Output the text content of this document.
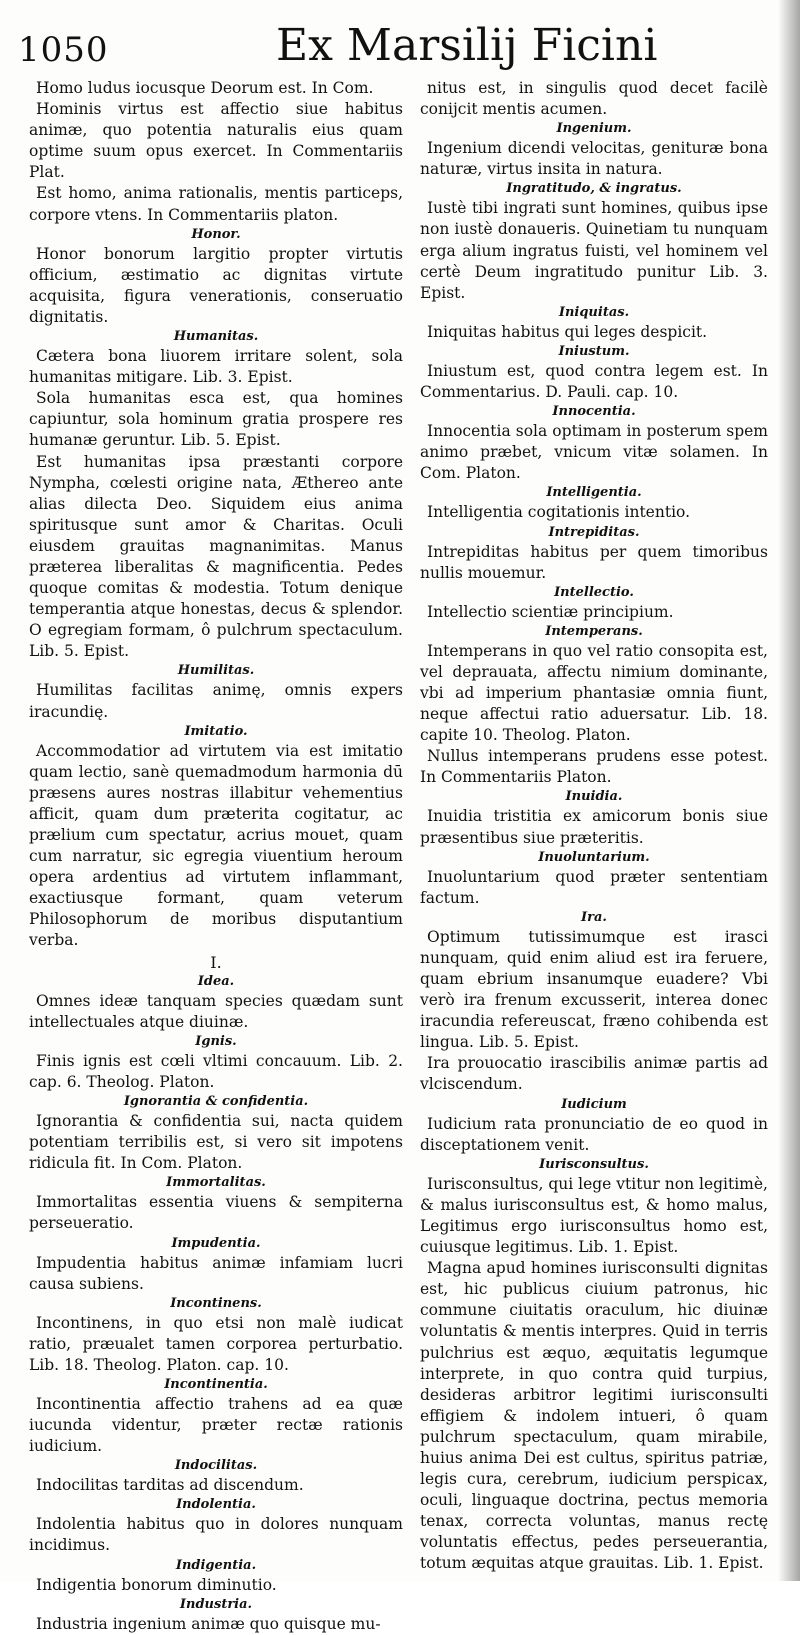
1050	Ex Marsilij Ficini

Homo ludus iocusque Deorum est. In Com.

Hominis virtus est affectio siue habitus animæ, quo potentia naturalis eius quam optime suum opus exercet. In Commentariis Plat.

Est homo, anima rationalis, mentis particeps, corpore vtens. In Commentariis platon.

Honor.

Honor bonorum largitio propter virtutis officium, æstimatio ac dignitas virtute acquisita, figura venerationis, conseruatio dignitatis.

Humanitas.

Cætera bona liuorem irritare solent, sola humanitas mitigare. Lib. 3. Epist.

Sola humanitas esca est, qua homines capiuntur, sola hominum gratia prospere res humanæ geruntur. Lib. 5. Epist.

Est humanitas ipsa præstanti corpore Nympha, cœlesti origine nata, Æthereo ante alias dilecta Deo. Siquidem eius anima spiritusque sunt amor & Charitas. Oculi eiusdem grauitas magnanimitas. Manus præterea liberalitas & magnificentia. Pedes quoque comitas & modestia. Totum denique temperantia atque honestas, decus & splendor. O egregiam formam, ô pulchrum spectaculum. Lib. 5. Epist.

Humilitas.

Humilitas facilitas animę, omnis expers iracundię.

Imitatio.

Accommodatior ad virtutem via est imitatio quam lectio, sanè quemadmodum harmonia dū præsens aures nostras illabitur vehementius afficit, quam dum præterita cogitatur, ac prælium cum spectatur, acrius mouet, quam cum narratur, sic egregia viuentium heroum opera ardentius ad virtutem inflammant, exactiusque formant, quam veterum Philosophorum de moribus disputantium verba.

I.

Idea.

Omnes ideæ tanquam species quædam sunt intellectuales atque diuinæ.

Ignis.

Finis ignis est cœli vltimi concauum. Lib. 2. cap. 6. Theolog. Platon.

Ignorantia & confidentia.

Ignorantia & confidentia sui, nacta quidem potentiam terribilis est, si vero sit impotens ridicula fit. In Com. Platon.

Immortalitas.

Immortalitas essentia viuens & sempiterna perseueratio.

Impudentia.

Impudentia habitus animæ infamiam lucri causa subiens.

Incontinens.

Incontinens, in quo etsi non malè iudicat ratio, præualet tamen corporea perturbatio. Lib. 18. Theolog. Platon. cap. 10.

Incontinentia.

Incontinentia affectio trahens ad ea quæ iucunda videntur, præter rectæ rationis iudicium.

Indocilitas.

Indocilitas tarditas ad discendum.

Indolentia.

Indolentia habitus quo in dolores nunquam incidimus.

Indigentia.

Indigentia bonorum diminutio.

Industria.

Industria ingenium animæ quo quisque mu-

nitus est, in singulis quod decet facilè conijcit mentis acumen.

Ingenium.

Ingenium dicendi velocitas, genituræ bona naturæ, virtus insita in natura.

Ingratitudo, & ingratus.

Iustè tibi ingrati sunt homines, quibus ipse non iustè donaueris. Quinetiam tu nunquam erga alium ingratus fuisti, vel hominem vel certè Deum ingratitudo punitur Lib. 3. Epist.

Iniquitas.

Iniquitas habitus qui leges despicit.

Iniustum.

Iniustum est, quod contra legem est. In Commentarius. D. Pauli. cap. 10.

Innocentia.

Innocentia sola optimam in posterum spem animo præbet, vnicum vitæ solamen. In Com. Platon.

Intelligentia.

Intelligentia cogitationis intentio.

Intrepiditas.

Intrepiditas habitus per quem timoribus nullis mouemur.

Intellectio.

Intellectio scientiæ principium.

Intemperans.

Intemperans in quo vel ratio consopita est, vel deprauata, affectu nimium dominante, vbi ad imperium phantasiæ omnia fiunt, neque affectui ratio aduersatur. Lib. 18. capite 10. Theolog. Platon.

Nullus intemperans prudens esse potest. In Commentariis Platon.

Inuidia.

Inuidia tristitia ex amicorum bonis siue præsentibus siue præteritis.

Inuoluntarium.

Inuoluntarium quod præter sententiam factum.

Ira.

Optimum tutissimumque est irasci nunquam, quid enim aliud est ira feruere, quam ebrium insanumque euadere? Vbi verò ira frenum excusserit, interea donec iracundia refereuscat, fræno cohibenda est lingua. Lib. 5. Epist.

Ira prouocatio irascibilis animæ partis ad vlciscendum.

Iudicium

Iudicium rata pronunciatio de eo quod in disceptationem venit.

Iurisconsultus.

Iurisconsultus, qui lege vtitur non legitimè, & malus iurisconsultus est, & homo malus, Legitimus ergo iurisconsultus homo est, cuiusque legitimus. Lib. 1. Epist.

Magna apud homines iurisconsulti dignitas est, hic publicus ciuium patronus, hic commune ciuitatis oraculum, hic diuinæ voluntatis & mentis interpres. Quid in terris pulchrius est æquo, æquitatis legumque interprete, in quo contra quid turpius, desideras arbitror legitimi iurisconsulti effigiem & indolem intueri, ô quam pulchrum spectaculum, quam mirabile, huius anima Dei est cultus, spiritus patriæ, legis cura, cerebrum, iudicium perspicax, oculi, linguaque doctrina, pectus memoria tenax, correcta voluntas, manus rectę voluntatis effectus, pedes perseuerantia, totum æquitas atque grauitas. Lib. 1. Epist.
